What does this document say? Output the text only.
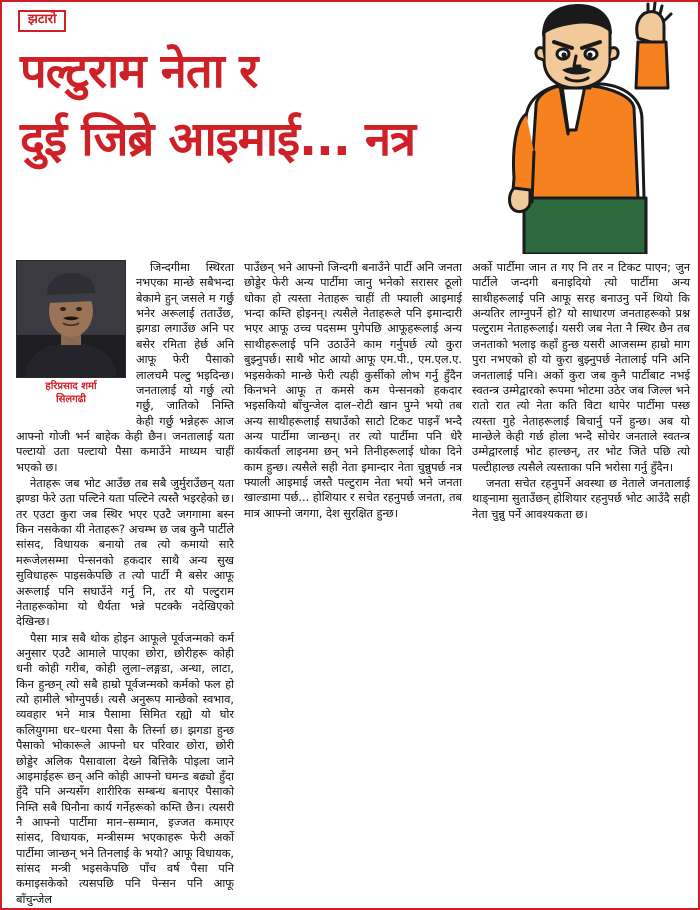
झटारो
पल्टुराम नेता र
दुई जिब्रे आइमाई... नत्र
हरिप्रसाद शर्मा
सिलगढी

जिन्दगीमा स्थिरता नभएका मान्छे सबैभन्दा बेकामे हुन् जसले म गर्छु भनेर अरूलाई तताउँछ, झगडा लगाउँछ अनि पर बसेर रमिता हेर्छ अनि आफू फेरी पैसाको लालचमै पल्टु भइदिन्छ। जनतालाई यो गर्छु त्यो गर्छु, जातिको निम्ति केही गर्छु भन्नेहरू आज आफ्नो गोजी भर्न बाहेक केही छैन। जनतालाई यता पल्टायो उता पल्टायो पैसा कमाउँने माध्यम चाहीं भएको छ।

नेताहरू जब भोट आउँछ तब सबै जुर्मुराउँछन् यता झण्डा फेरे उता पल्टिने यता पल्टिने त्यस्तै भइरहेको छ। तर एउटा कुरा जब स्थिर भएर एउटै जगगामा बस्न किन नसकेका यी नेताहरू? अचम्भ छ जब कुनै पार्टीले सांसद, विधायक बनायो तब त्यो कमायो सारै मरूजेलसम्मा पेन्सनको हकदार साथै अन्य सुख सुविधाहरू पाइसकेपछि त त्यो पार्टी मै बसेर आफू अरूलाई पनि सघाउँने गर्नु नि, तर यो पल्टुराम नेताहरूकोमा यो धैर्यता भन्ने पटक्कै नदेखिएको देखिन्छ।

पैसा मात्र सबै थोक होइन आफूले पूर्वजन्मको कर्म अनुसार एउटै आमाले पाएका छोरा, छोरीहरू कोही धनी कोही गरीब, कोही लुला–लङ्गडा, अन्धा, लाटा, किन हुन्छन् त्यो सबै हाम्रो पूर्वजन्मको कर्मको फल हो त्यो हामीले भोग्नुपर्छ। त्यसै अनुरूप मान्छेको स्वभाव, व्यवहार भने मात्र पैसामा सिमित रह्यो यो घोर कलियुगमा धर–धरमा पैसा कै तिर्स्ना छ। झगडा हुन्छ पैसाको भोकारूले आफ्नो घर परिवार छोरा, छोरी छोड्डेर अलिक पैसावाला देख्ने बित्तिकै पोइला जाने आइमाईहरू छन् अनि कोही आफ्नो घमन्ड बढ्यो हुँदा हुँदै पनि अन्यसँग शारीरिक सम्बन्ध बनाएर पैसाको निम्ति सबै घिनौना कार्य गर्नेहरूको कम्ति छैन। त्यसरी नै आफ्नो पार्टीमा मान–सम्मान, इज्जत कमाएर सांसद, विधायक, मन्त्रीसम्म भएकाहरू फेरी अर्को पार्टीमा जान्छन् भने तिनलाई के भयो? आफू विधायक, सांसद मन्त्री भइसकेपछि पाँच वर्ष पैसा पनि कमाइसकेको त्यसपछि पनि पेन्सन पनि आफू बाँचुन्जेल

पाउँछन् भने आफ्नो जिन्दगी बनाउँने पार्टी अनि जनता छोड्डेर फेरी अन्य पार्टीमा जानु भनेको सरासर ठूलो धोका हो त्यस्ता नेताहरू चाहीं ती फ्याली आइमाई भन्दा कम्ति होइनन्। त्यसैले नेताहरूले पनि इमान्दारी भएर आफू उच्च पदसम्म पुगेपछि आफूहरूलाई अन्य साथीहरूलाई पनि उठाउँने काम गर्नुपर्छ त्यो कुरा बुझ्नुपर्छ। साथै भोट आयो आफू एम.पी., एम.एल.ए. भइसकेको मान्छे फेरी त्यही कुर्सीको लोभ गर्नु हुँदैन किनभने आफू त कमसे कम पेन्सनको हकदार भइसकियो बाँचुन्जेल दाल–रोटी खान पुग्ने भयो तब अन्य साथीहरूलाई सघाउँकाे साटो टिकट पाइनँ भन्दै अन्य पार्टीमा जान्छन्। तर त्यो पार्टीमा पनि धेरै कार्यकर्ता लाइनमा छन् भने तिनीहरूलाई धोका दिने काम हुन्छ। त्यसैले सही नेता इमान्दार नेता चुन्नुपर्छ नत्र फ्याली आइमाई जस्तै पल्टुराम नेता भयो भने जनता खाल्डामा पर्छ... होशियार र सचेत रहनुपर्छ जनता, तब मात्र आफ्नो जगगा, देश सुरक्षित हुन्छ।

अर्को पार्टीमा जान त गए नि तर न टिकट पाएन; जुन पार्टीले जन्दगी बनाइदियो त्यो पार्टीमा अन्य साथीहरूलाई पनि आफू सरह बनाउनु पर्ने थियो कि अन्यतिर लाग्नुपर्ने हो? यो साधारण जनताहरूको प्रश्न पल्टुराम नेताहरूलाई। यसरी जब नेता नै स्थिर छैन तब जनताको भलाइ कहाँ हुन्छ यसरी आजसम्म हाम्रो माग पुरा नभएको हो यो कुरा बुझ्नुपर्छ नेतालाई पनि अनि जनतालाई पनि। अर्को कुरा जब कुनै पार्टीबाट नभई स्वतन्त्र उम्मेद्वारको रूपमा भोटमा उठेर जब जिल्ल भने रातो रात त्यो नेता कति विटा थापेर पार्टीमा पस्छ त्यस्ता गुहे नेताहरूलाई बिचार्नु पर्ने हुन्छ। अब यो मान्छेले केही गर्छ होला भन्दै सोचेर जनताले स्वतन्त्र उम्मेद्वारलाई भोट हाल्छन्, तर भोट जिते पछि त्यो पल्टीहाल्छ त्यसैले त्यस्ताका पनि भरोसा गर्नु हुँदैन।

जनता सचेत रहनुपर्ने अवस्था छ नेताले जनतालाई थाङ्नामा सुताउँछन् होशियार रहनुपर्छ भोट आउँदै सही नेता चुन्नु पर्ने आवश्यकता छ।
